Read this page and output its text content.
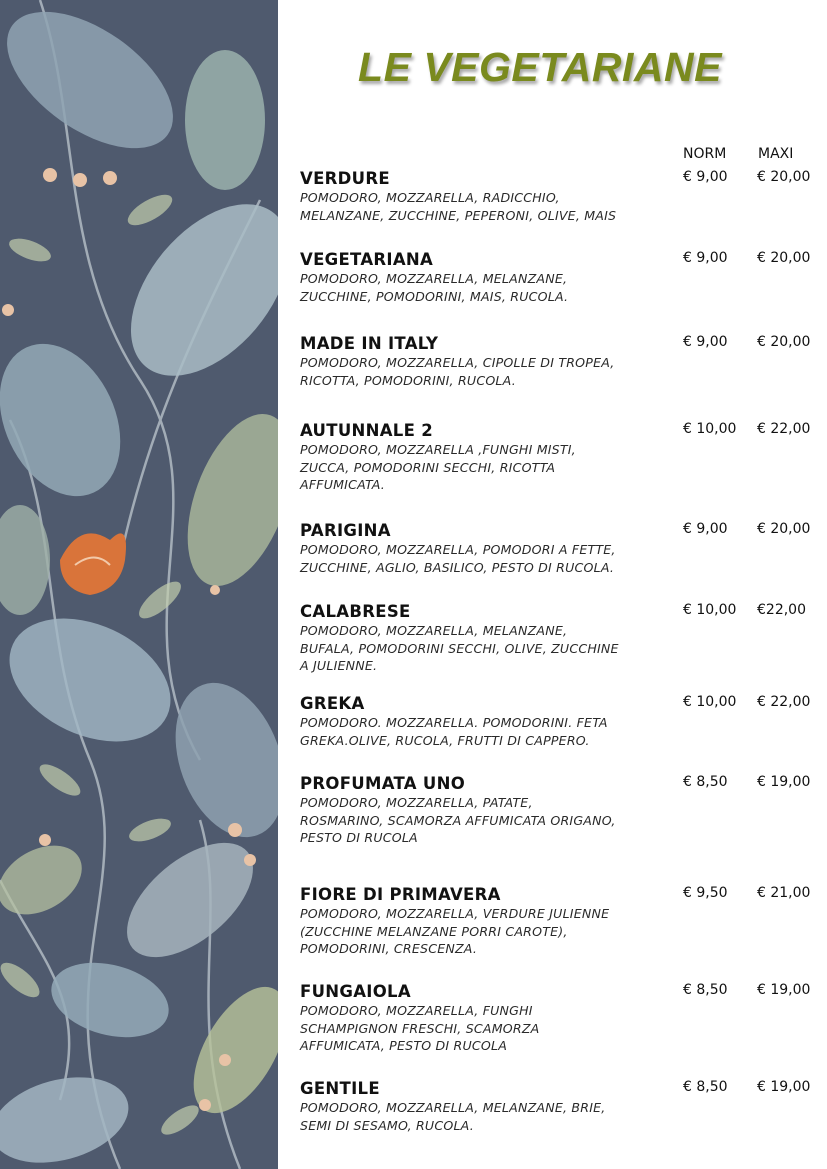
LE VEGETARIANE
NORM MAXI
VERDURE
POMODORO, MOZZARELLA, RADICCHIO,
MELANZANE, ZUCCHINE, PEPERONI, OLIVE, MAIS
€ 9,00 € 20,00
VEGETARIANA
POMODORO, MOZZARELLA, MELANZANE,
ZUCCHINE, POMODORINI, MAIS, RUCOLA.
€ 9,00 € 20,00
MADE IN ITALY
POMODORO, MOZZARELLA, CIPOLLE DI TROPEA,
RICOTTA, POMODORINI, RUCOLA.
€ 9,00 € 20,00
AUTUNNALE 2
POMODORO, MOZZARELLA ,FUNGHI MISTI,
ZUCCA, POMODORINI SECCHI, RICOTTA
AFFUMICATA.
€ 10,00 € 22,00
PARIGINA
POMODORO, MOZZARELLA, POMODORI A FETTE,
ZUCCHINE, AGLIO, BASILICO, PESTO DI RUCOLA.
€ 9,00 € 20,00
CALABRESE
POMODORO, MOZZARELLA, MELANZANE,
BUFALA, POMODORINI SECCHI, OLIVE, ZUCCHINE
A JULIENNE.
€ 10,00 €22,00
GREKA
POMODORO. MOZZARELLA. POMODORINI. FETA
GREKA.OLIVE, RUCOLA, FRUTTI DI CAPPERO.
€ 10,00 € 22,00
PROFUMATA UNO
POMODORO, MOZZARELLA, PATATE,
ROSMARINO, SCAMORZA AFFUMICATA ORIGANO,
PESTO DI RUCOLA
€ 8,50 € 19,00
FIORE DI PRIMAVERA
POMODORO, MOZZARELLA, VERDURE JULIENNE
(ZUCCHINE MELANZANE PORRI CAROTE),
POMODORINI, CRESCENZA.
€ 9,50 € 21,00
FUNGAIOLA
POMODORO, MOZZARELLA, FUNGHI
SCHAMPIGNON FRESCHI, SCAMORZA
AFFUMICATA, PESTO DI RUCOLA
€ 8,50 € 19,00
GENTILE
POMODORO, MOZZARELLA, MELANZANE, BRIE,
SEMI DI SESAMO, RUCOLA.
€ 8,50 € 19,00
